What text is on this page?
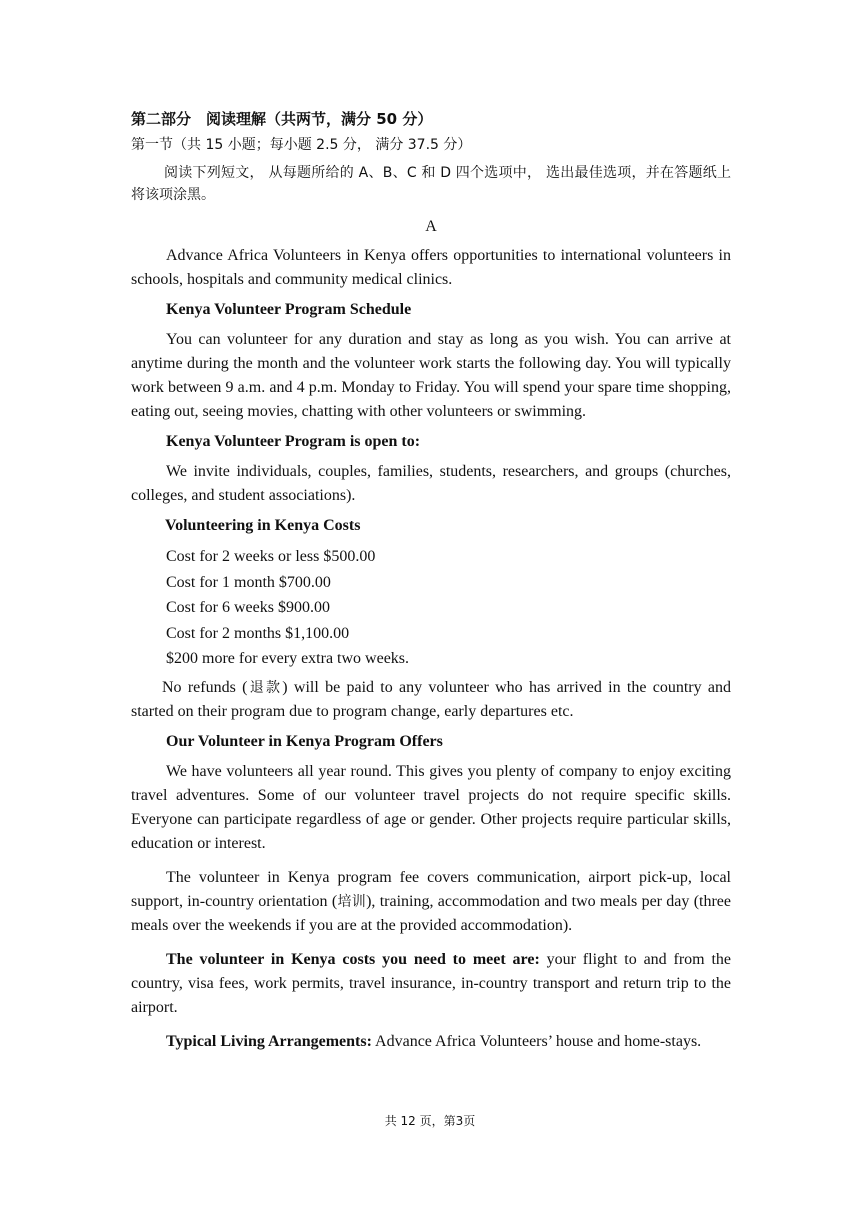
第二部分　阅读理解（共两节，满分 50 分）

第一节（共 15 小题；每小题 2.5 分， 满分 37.5 分）

阅读下列短文， 从每题所给的 A、B、C 和 D 四个选项中， 选出最佳选项，并在答题纸上将该项涂黑。

A

Advance Africa Volunteers in Kenya offers opportunities to international volunteers in schools, hospitals and community medical clinics.

Kenya Volunteer Program Schedule

You can volunteer for any duration and stay as long as you wish. You can arrive at anytime during the month and the volunteer work starts the following day. You will typically work between 9 a.m. and 4 p.m. Monday to Friday. You will spend your spare time shopping, eating out, seeing movies, chatting with other volunteers or swimming.

Kenya Volunteer Program is open to:

We invite individuals, couples, families, students, researchers, and groups (churches, colleges, and student associations).

Volunteering in Kenya Costs
Cost for 2 weeks or less $500.00
Cost for 1 month $700.00
Cost for 6 weeks $900.00
Cost for 2 months $1,100.00
$200 more for every extra two weeks.

No refunds (退款) will be paid to any volunteer who has arrived in the country and started on their program due to program change, early departures etc.

Our Volunteer in Kenya Program Offers

We have volunteers all year round. This gives you plenty of company to enjoy exciting travel adventures. Some of our volunteer travel projects do not require specific skills. Everyone can participate regardless of age or gender. Other projects require particular skills, education or interest.

The volunteer in Kenya program fee covers communication, airport pick-up, local support, in-country orientation (培训), training, accommodation and two meals per day (three meals over the weekends if you are at the provided accommodation).

The volunteer in Kenya costs you need to meet are: your flight to and from the country, visa fees, work permits, travel insurance, in-country transport and return trip to the airport.

Typical Living Arrangements: Advance Africa Volunteers’ house and home-stays.

共 12 页，第3页
